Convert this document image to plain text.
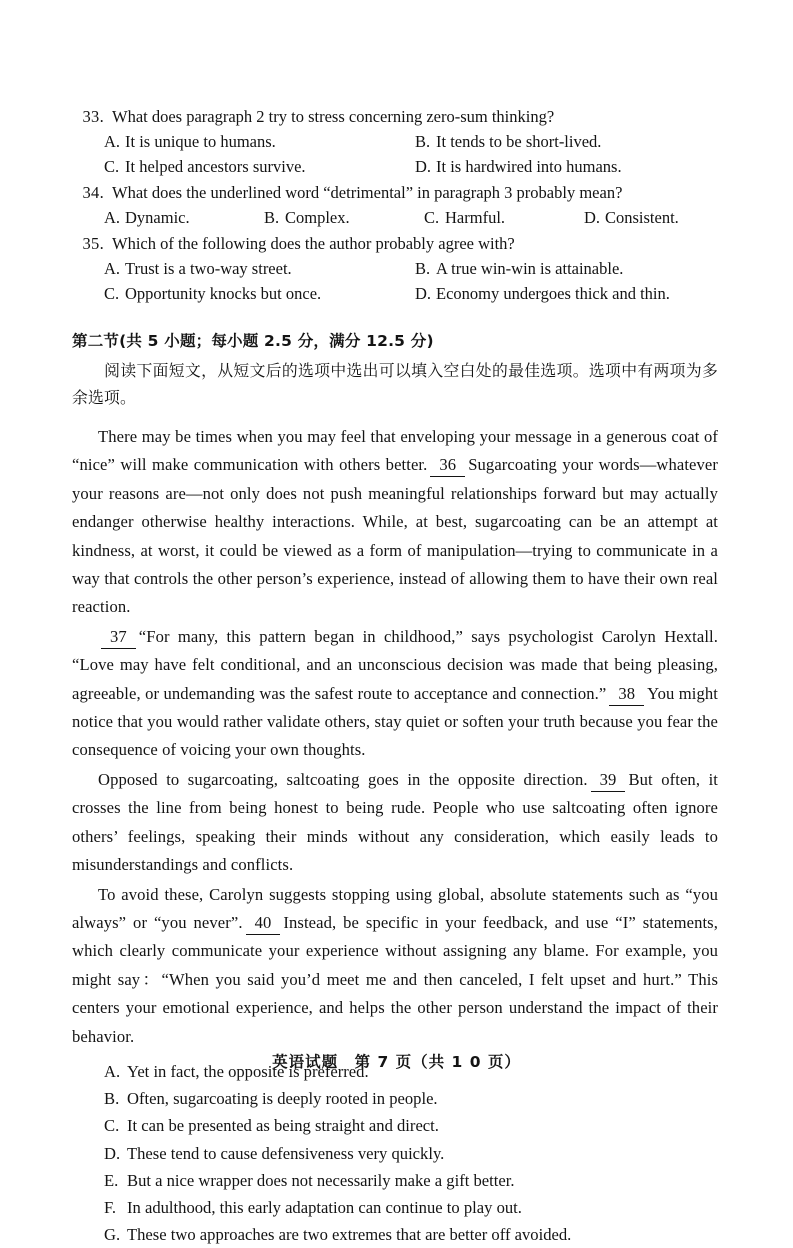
33. What does paragraph 2 try to stress concerning zero-sum thinking?
A. It is unique to humans.	B. It tends to be short-lived.
C. It helped ancestors survive.	D. It is hardwired into humans.
34. What does the underlined word “detrimental” in paragraph 3 probably mean?
A. Dynamic.	B. Complex.	C. Harmful.	D. Consistent.
35. Which of the following does the author probably agree with?
A. Trust is a two-way street.	B. A true win-win is attainable.
C. Opportunity knocks but once.	D. Economy undergoes thick and thin.
第二节(共 5 小题；每小题 2.5 分，满分 12.5 分)
阅读下面短文，从短文后的选项中选出可以填入空白处的最佳选项。选项中有两项为多余选项。

There may be times when you may feel that enveloping your message in a generous coat of “nice” will make communication with others better. 36 Sugarcoating your words—whatever your reasons are—not only does not push meaningful relationships forward but may actually endanger otherwise healthy interactions. While, at best, sugarcoating can be an attempt at kindness, at worst, it could be viewed as a form of manipulation—trying to communicate in a way that controls the other person’s experience, instead of allowing them to have their own real reaction.

37 “For many, this pattern began in childhood,” says psychologist Carolyn Hextall. “Love may have felt conditional, and an unconscious decision was made that being pleasing, agreeable, or undemanding was the safest route to acceptance and connection.” 38 You might notice that you would rather validate others, stay quiet or soften your truth because you fear the consequence of voicing your own thoughts.

Opposed to sugarcoating, saltcoating goes in the opposite direction. 39 But often, it crosses the line from being honest to being rude. People who use saltcoating often ignore others’ feelings, speaking their minds without any consideration, which easily leads to misunderstandings and conflicts.

To avoid these, Carolyn suggests stopping using global, absolute statements such as “you always” or “you never”. 40 Instead, be specific in your feedback, and use “I” statements, which clearly communicate your experience without assigning any blame. For example, you might say：“When you said you’d meet me and then canceled, I felt upset and hurt.” This centers your emotional experience, and helps the other person understand the impact of their behavior.

A. Yet in fact, the opposite is preferred.
B. Often, sugarcoating is deeply rooted in people.
C. It can be presented as being straight and direct.
D. These tend to cause defensiveness very quickly.
E. But a nice wrapper does not necessarily make a gift better.
F. In adulthood, this early adaptation can continue to play out.
G. These two approaches are two extremes that are better off avoided.
英语试题　第 7 页（共 1 0 页）
